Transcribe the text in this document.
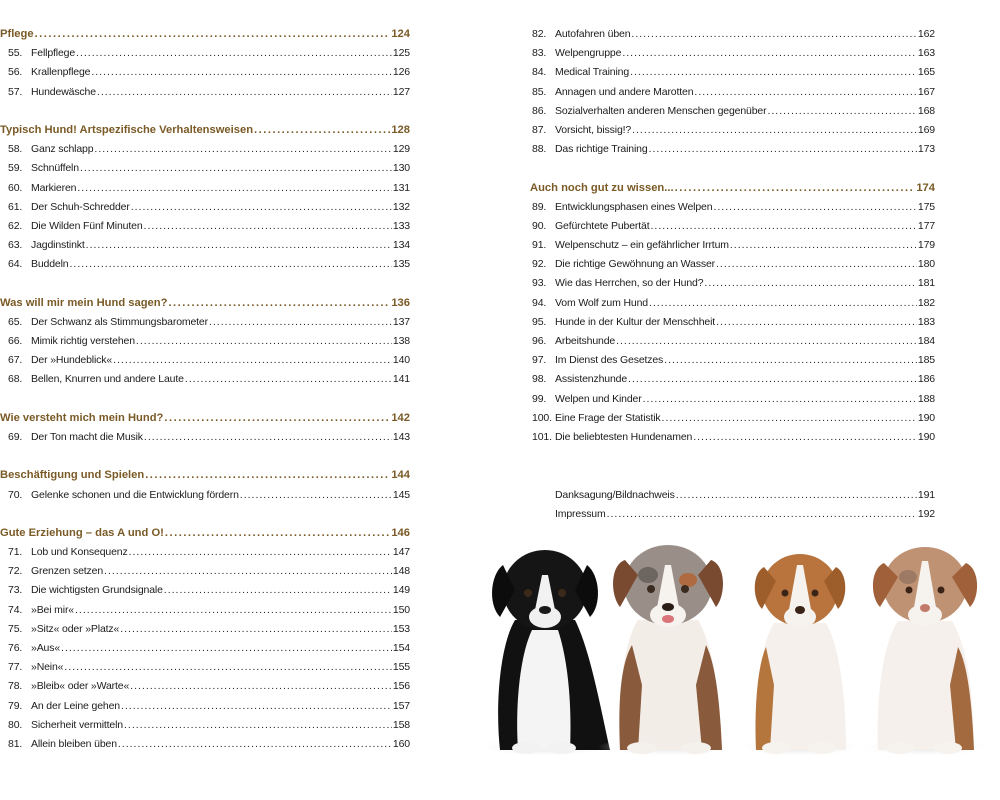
Pflege .....	124
55. Fellpflege .....	125
56. Krallenpflege .....	126
57. Hundewäsche .....	127
Typisch Hund! Artspezifische Verhaltensweisen .....	128
58. Ganz schlapp .....	129
59. Schnüffeln .....	130
60. Markieren .....	131
61. Der Schuh-Schredder .....	132
62. Die Wilden Fünf Minuten .....	133
63. Jagdinstinkt .....	134
64. Buddeln .....	135
Was will mir mein Hund sagen? .....	136
65. Der Schwanz als Stimmungsbarometer .....	137
66. Mimik richtig verstehen .....	138
67. Der »Hundeblick« .....	140
68. Bellen, Knurren und andere Laute .....	141
Wie versteht mich mein Hund? .....	142
69. Der Ton macht die Musik .....	143
Beschäftigung und Spielen .....	144
70. Gelenke schonen und die Entwicklung fördern .....	145
Gute Erziehung – das A und O! .....	146
71. Lob und Konsequenz .....	147
72. Grenzen setzen .....	148
73. Die wichtigsten Grundsignale .....	149
74. »Bei mir« .....	150
75. »Sitz« oder »Platz« .....	153
76. »Aus« .....	154
77. »Nein« .....	155
78. »Bleib« oder »Warte« .....	156
79. An der Leine gehen .....	157
80. Sicherheit vermitteln .....	158
81. Allein bleiben üben .....	160
82. Autofahren üben .....	162
83. Welpengruppe .....	163
84. Medical Training .....	165
85. Annagen und andere Marotten .....	167
86. Sozialverhalten anderen Menschen gegenüber .....	168
87. Vorsicht, bissig!? .....	169
88. Das richtige Training .....	173
Auch noch gut zu wissen... .....	174
89. Entwicklungsphasen eines Welpen .....	175
90. Gefürchtete Pubertät .....	177
91. Welpenschutz – ein gefährlicher Irrtum .....	179
92. Die richtige Gewöhnung an Wasser .....	180
93. Wie das Herrchen, so der Hund? .....	181
94. Vom Wolf zum Hund .....	182
95. Hunde in der Kultur der Menschheit .....	183
96. Arbeitshunde .....	184
97. Im Dienst des Gesetzes .....	185
98. Assistenzhunde .....	186
99. Welpen und Kinder .....	188
100. Eine Frage der Statistik .....	190
101. Die beliebtesten Hundenamen .....	190
Danksagung/Bildnachweis .....	191
Impressum .....	192
